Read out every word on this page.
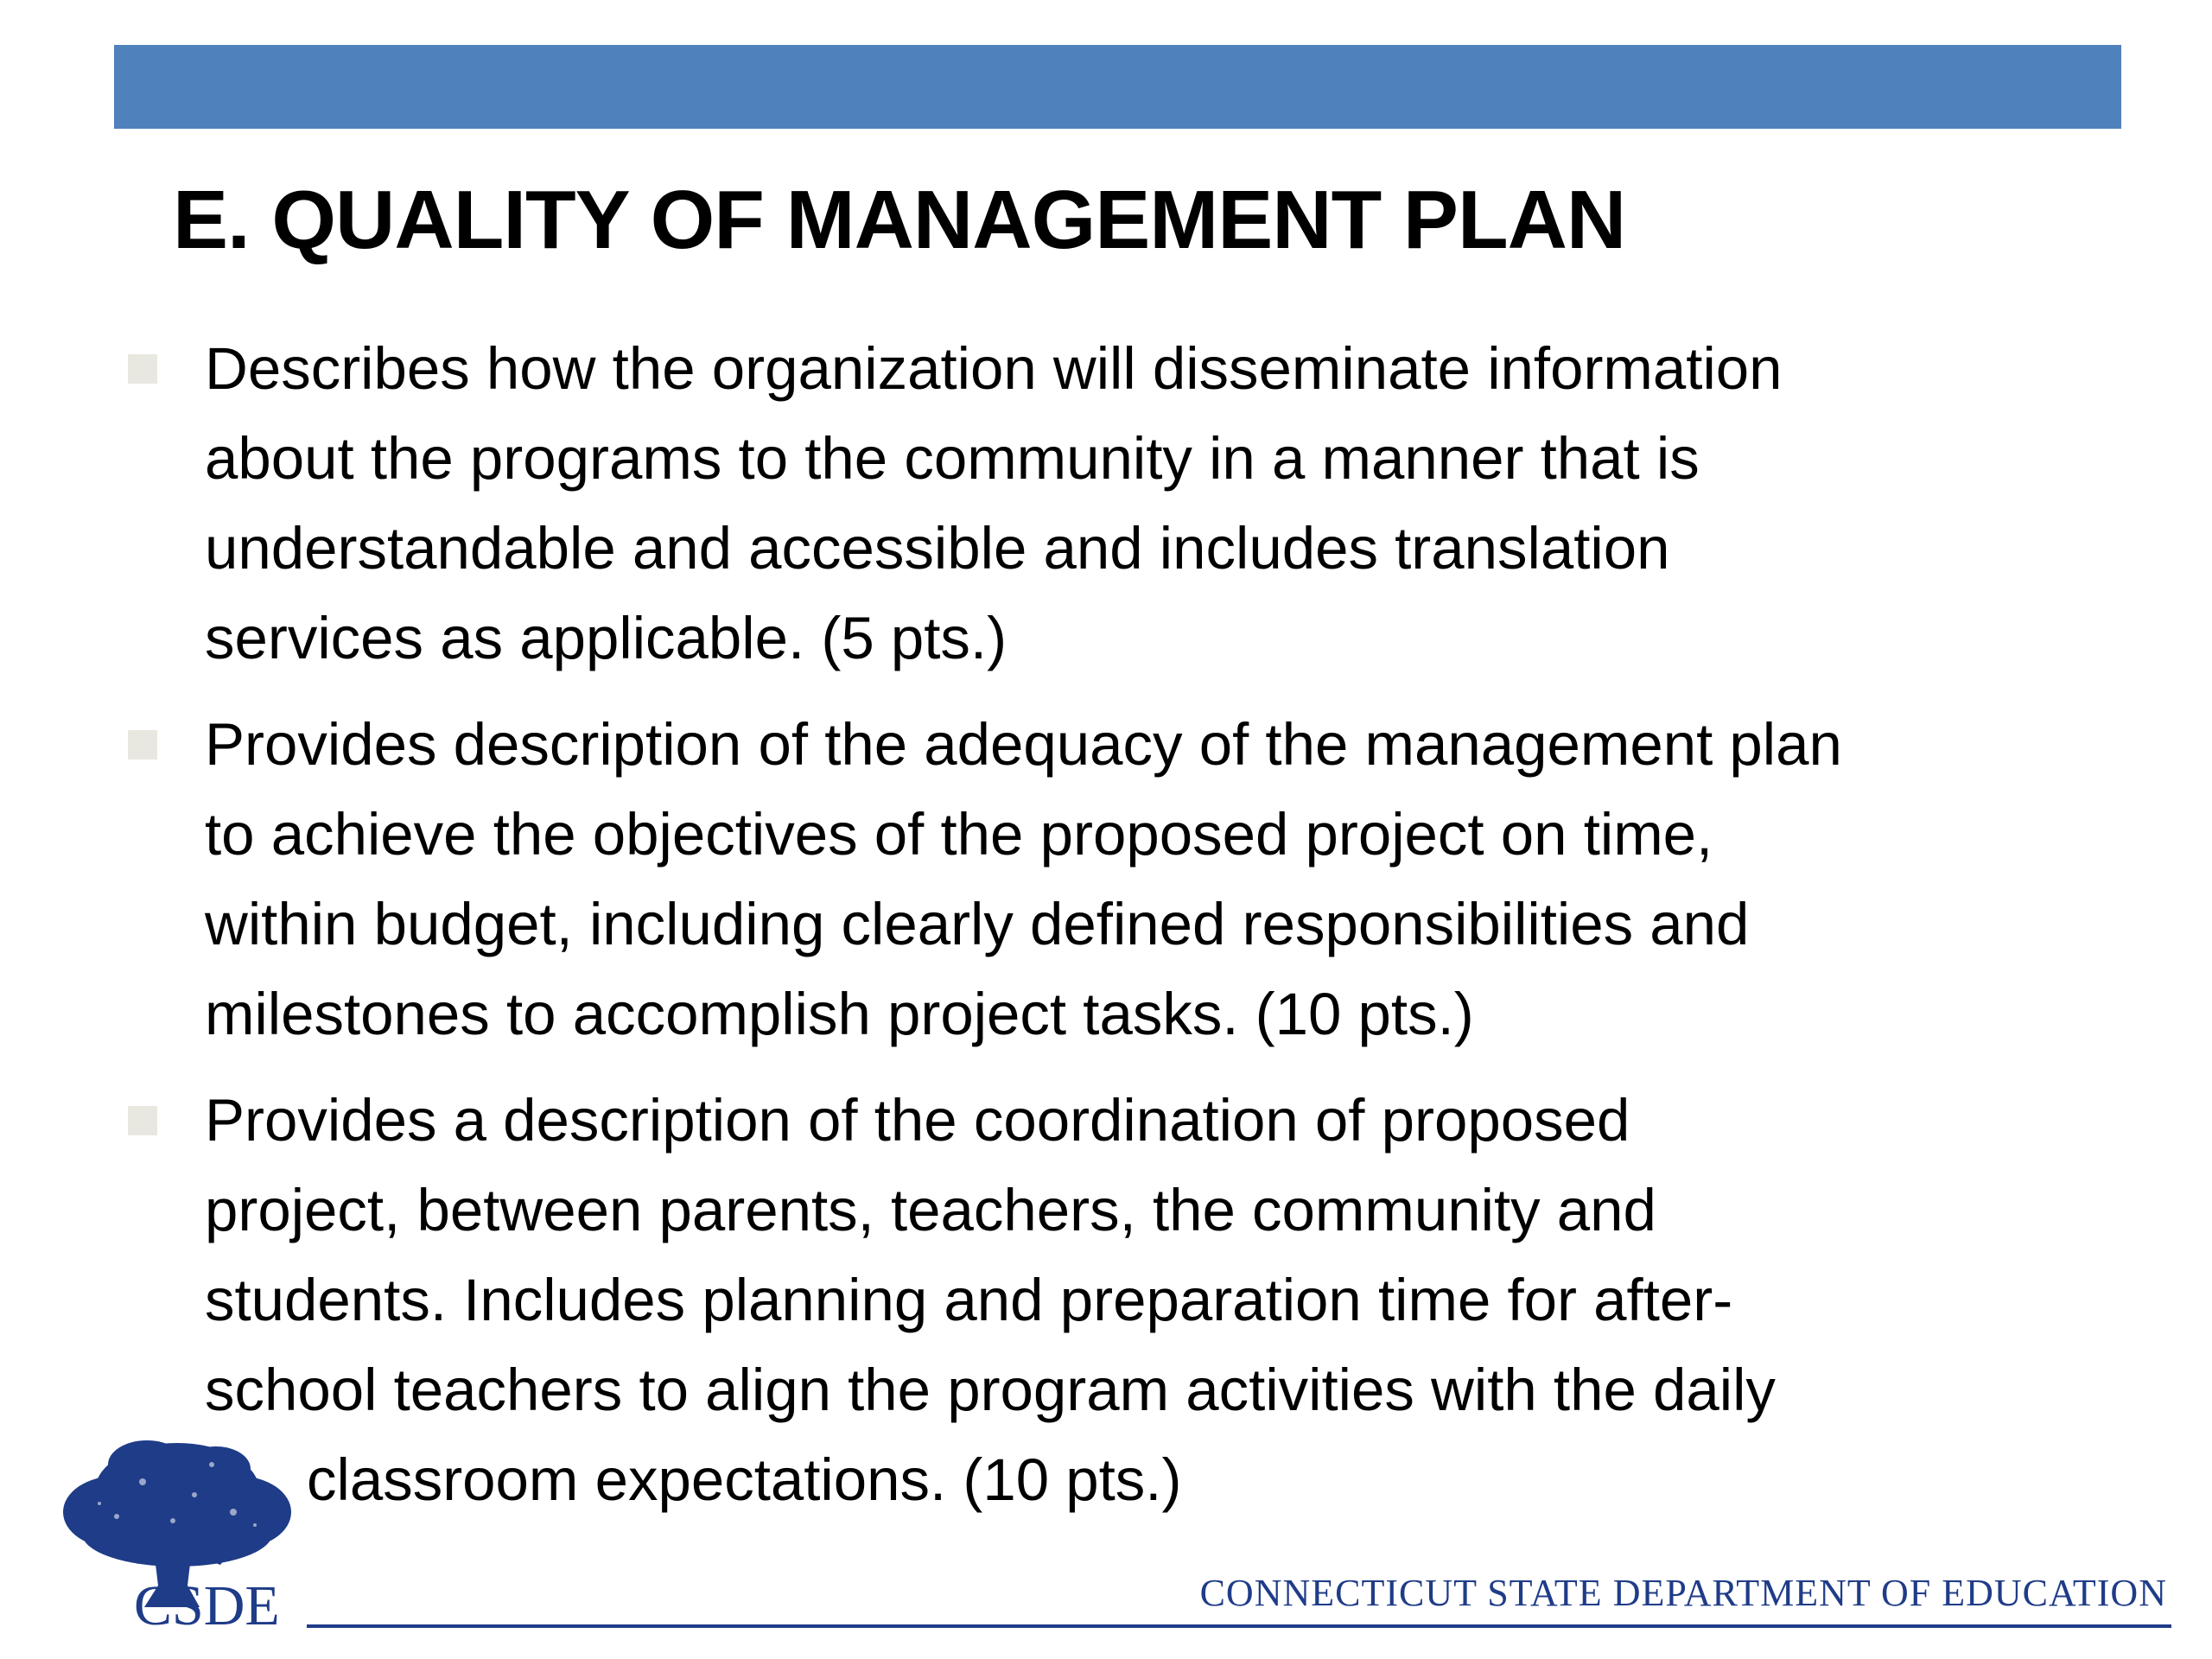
E. QUALITY OF MANAGEMENT PLAN

Describes how the organization will disseminate information
about the programs to the community in a manner that is
understandable and accessible and includes translation
services as applicable. (5 pts.)

Provides description of the adequacy of the management plan
to achieve the objectives of the proposed project on time,
within budget, including clearly defined responsibilities and
milestones to accomplish project tasks. (10 pts.)

Provides a description of the coordination of proposed
project, between parents, teachers, the community and
students. Includes planning and preparation time for after-
school teachers to align the program activities with the daily
classroom expectations. (10 pts.)

CSDE	CONNECTICUT STATE DEPARTMENT OF EDUCATION
